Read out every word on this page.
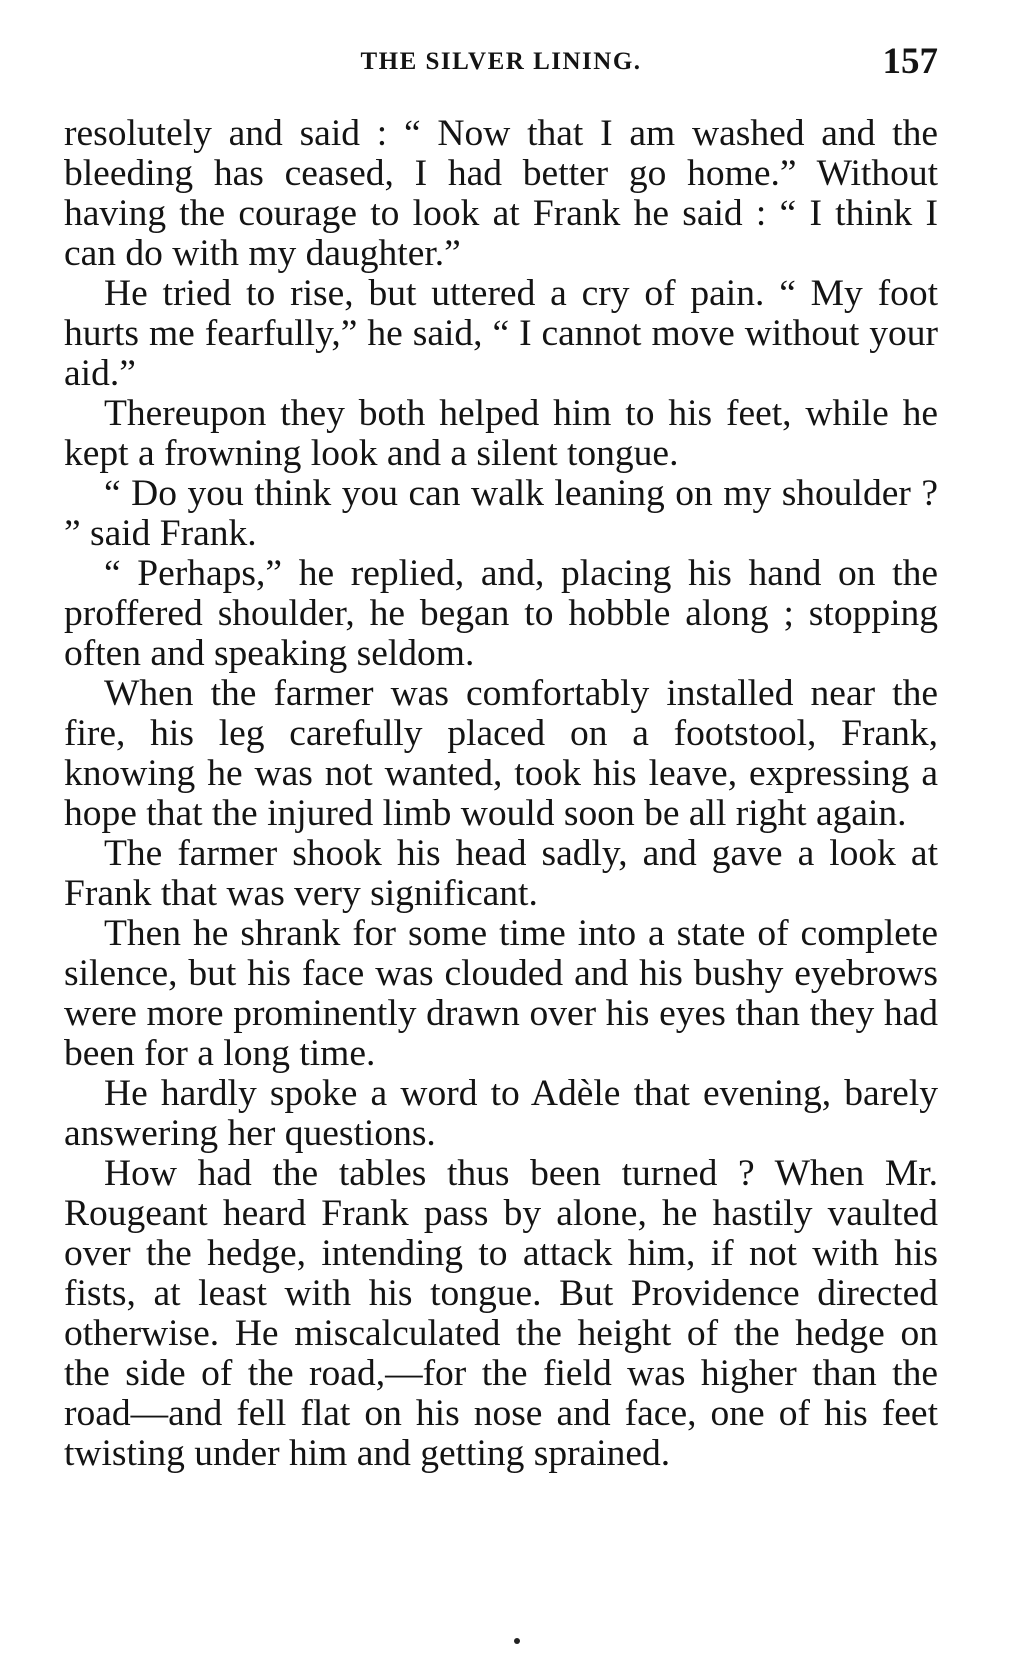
THE SILVER LINING.	157

resolutely and said : “ Now that I am washed and the bleeding has ceased, I had better go home.” Without having the courage to look at Frank he said : “ I think I can do with my daughter.”

He tried to rise, but uttered a cry of pain. “ My foot hurts me fearfully,” he said, “ I cannot move without your aid.”

Thereupon they both helped him to his feet, while he kept a frowning look and a silent tongue.

“ Do you think you can walk leaning on my shoulder ? ” said Frank.

“ Perhaps,” he replied, and, placing his hand on the proffered shoulder, he began to hobble along ; stopping often and speaking seldom.

When the farmer was comfortably installed near the fire, his leg carefully placed on a footstool, Frank, knowing he was not wanted, took his leave, expressing a hope that the injured limb would soon be all right again.

The farmer shook his head sadly, and gave a look at Frank that was very significant.

Then he shrank for some time into a state of complete silence, but his face was clouded and his bushy eyebrows were more prominently drawn over his eyes than they had been for a long time.

He hardly spoke a word to Adèle that evening, barely answering her questions.

How had the tables thus been turned ? When Mr. Rougeant heard Frank pass by alone, he hastily vaulted over the hedge, intending to attack him, if not with his fists, at least with his tongue. But Providence directed otherwise. He miscalculated the height of the hedge on the side of the road,—for the field was higher than the road—and fell flat on his nose and face, one of his feet twisting under him and getting sprained.
